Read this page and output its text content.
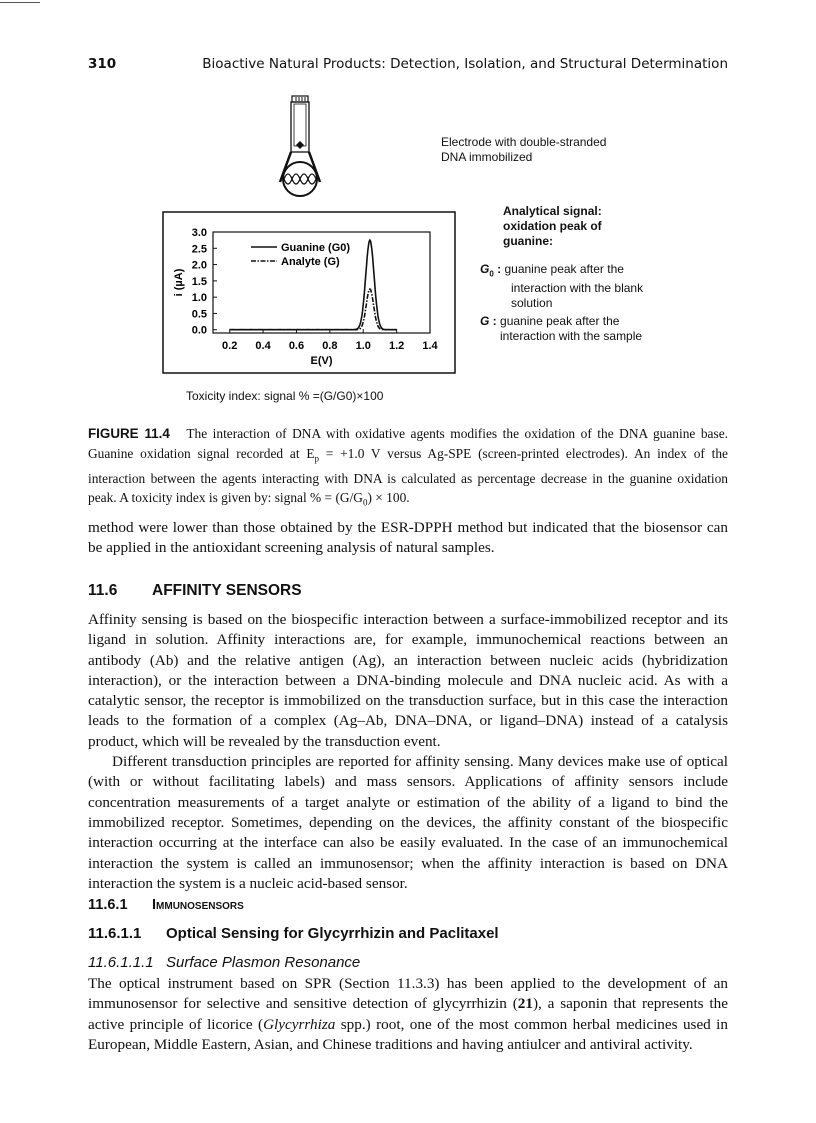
310	Bioactive Natural Products: Detection, Isolation, and Structural Determination
Electrode with double-stranded
DNA immobilized
Analytical signal:
oxidation peak of
guanine:
$G_0$ : guanine peak after the
interaction with the blank
solution
G : guanine peak after the
interaction with the sample
Toxicity index: signal % =(G/G0)×100
0.0
0.5
1.0
1.5
2.0
2.5
3.0
0.2 0.4 0.6 0.8 1.0 1.2 1.4
E(V)
i (µA)
Guanine (G0)
Analyte (G)
FIGURE 11.4 The interaction of DNA with oxidative agents modifies the oxidation of the DNA guanine base. Guanine oxidation signal recorded at $E_p = +1.0$ V versus Ag-SPE (screen-printed electrodes). An index of the interaction between the agents interacting with DNA is calculated as percentage decrease in the guanine oxidation peak. A toxicity index is given by: signal % = $(G/G_0) \times 100$.

method were lower than those obtained by the ESR-DPPH method but indicated that the biosensor can be applied in the antioxidant screening analysis of natural samples.

11.6 AFFINITY SENSORS

Affinity sensing is based on the biospecific interaction between a surface-immobilized receptor and its ligand in solution. Affinity interactions are, for example, immunochemical reactions between an antibody (Ab) and the relative antigen (Ag), an interaction between nucleic acids (hybridization interaction), or the interaction between a DNA-binding molecule and DNA nucleic acid. As with a catalytic sensor, the receptor is immobilized on the transduction surface, but in this case the interaction leads to the formation of a complex (Ag–Ab, DNA–DNA, or ligand–DNA) instead of a catalysis product, which will be revealed by the transduction event.

Different transduction principles are reported for affinity sensing. Many devices make use of optical (with or without facilitating labels) and mass sensors. Applications of affinity sensors include concentration measurements of a target analyte or estimation of the ability of a ligand to bind the immobilized receptor. Sometimes, depending on the devices, the affinity constant of the biospecific interaction occurring at the interface can also be easily evaluated. In the case of an immunochemical interaction the system is called an immunosensor; when the affinity interaction is based on DNA interaction the system is a nucleic acid-based sensor.

11.6.1 Immunosensors
11.6.1.1 Optical Sensing for Glycyrrhizin and Paclitaxel
11.6.1.1.1 Surface Plasmon Resonance

The optical instrument based on SPR (Section 11.3.3) has been applied to the development of an immunosensor for selective and sensitive detection of glycyrrhizin (21), a saponin that represents the active principle of licorice (Glycyrrhiza spp.) root, one of the most common herbal medicines used in European, Middle Eastern, Asian, and Chinese traditions and having antiulcer and antiviral activity.
